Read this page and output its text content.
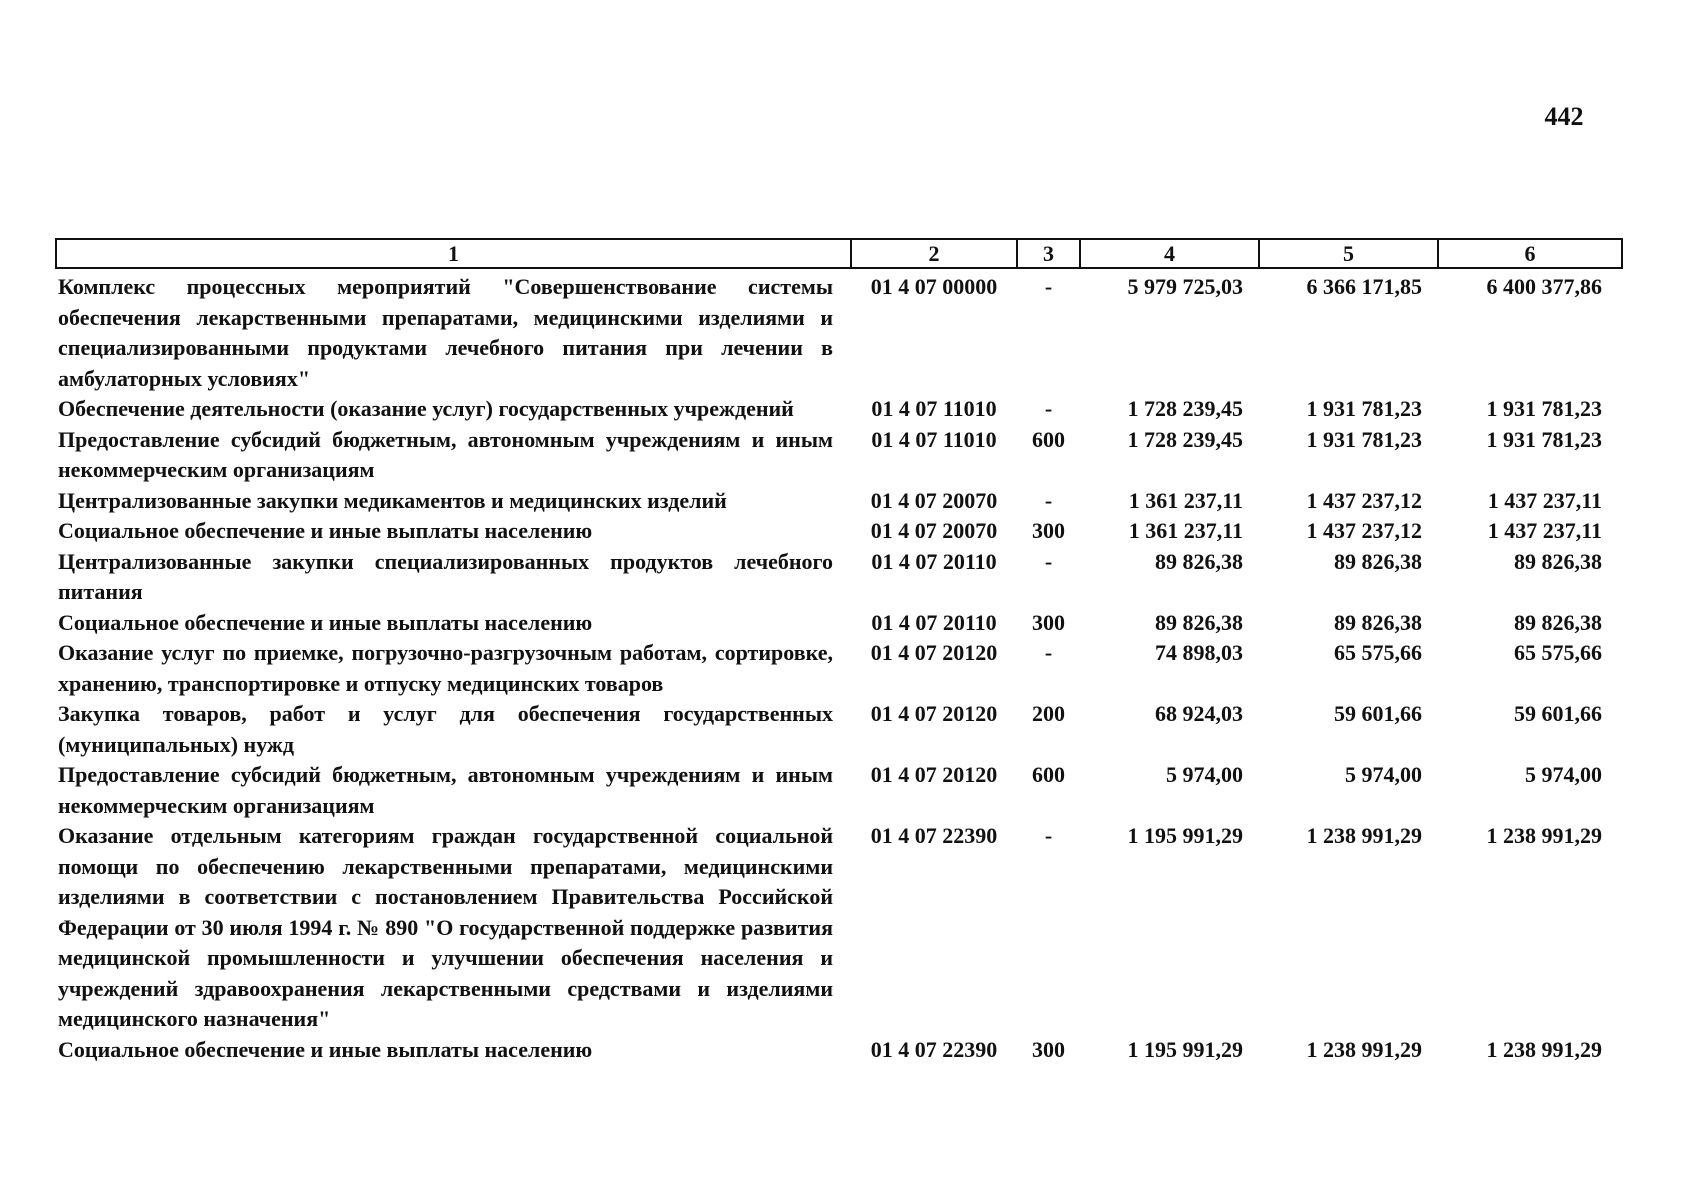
442
1	2	3	4	5	6
Комплекс процессных мероприятий "Совершенствование системы обеспечения лекарственными препаратами, медицинскими изделиями и специализированными продуктами лечебного питания при лечении в амбулаторных условиях"	01 4 07 00000	-	5 979 725,03	6 366 171,85	6 400 377,86
Обеспечение деятельности (оказание услуг) государственных учреждений	01 4 07 11010	-	1 728 239,45	1 931 781,23	1 931 781,23
Предоставление субсидий бюджетным, автономным учреждениям и иным некоммерческим организациям	01 4 07 11010	600	1 728 239,45	1 931 781,23	1 931 781,23
Централизованные закупки медикаментов и медицинских изделий	01 4 07 20070	-	1 361 237,11	1 437 237,12	1 437 237,11
Социальное обеспечение и иные выплаты населению	01 4 07 20070	300	1 361 237,11	1 437 237,12	1 437 237,11
Централизованные закупки специализированных продуктов лечебного питания	01 4 07 20110	-	89 826,38	89 826,38	89 826,38
Социальное обеспечение и иные выплаты населению	01 4 07 20110	300	89 826,38	89 826,38	89 826,38
Оказание услуг по приемке, погрузочно-разгрузочным работам, сортировке, хранению, транспортировке и отпуску медицинских товаров	01 4 07 20120	-	74 898,03	65 575,66	65 575,66
Закупка товаров, работ и услуг для обеспечения государственных (муниципальных) нужд	01 4 07 20120	200	68 924,03	59 601,66	59 601,66
Предоставление субсидий бюджетным, автономным учреждениям и иным некоммерческим организациям	01 4 07 20120	600	5 974,00	5 974,00	5 974,00
Оказание отдельным категориям граждан государственной социальной помощи по обеспечению лекарственными препаратами, медицинскими изделиями в соответствии с постановлением Правительства Российской Федерации от 30 июля 1994 г. № 890 "О государственной поддержке развития медицинской промышленности и улучшении обеспечения населения и учреждений здравоохранения лекарственными средствами и изделиями медицинского назначения"	01 4 07 22390	-	1 195 991,29	1 238 991,29	1 238 991,29
Социальное обеспечение и иные выплаты населению	01 4 07 22390	300	1 195 991,29	1 238 991,29	1 238 991,29
